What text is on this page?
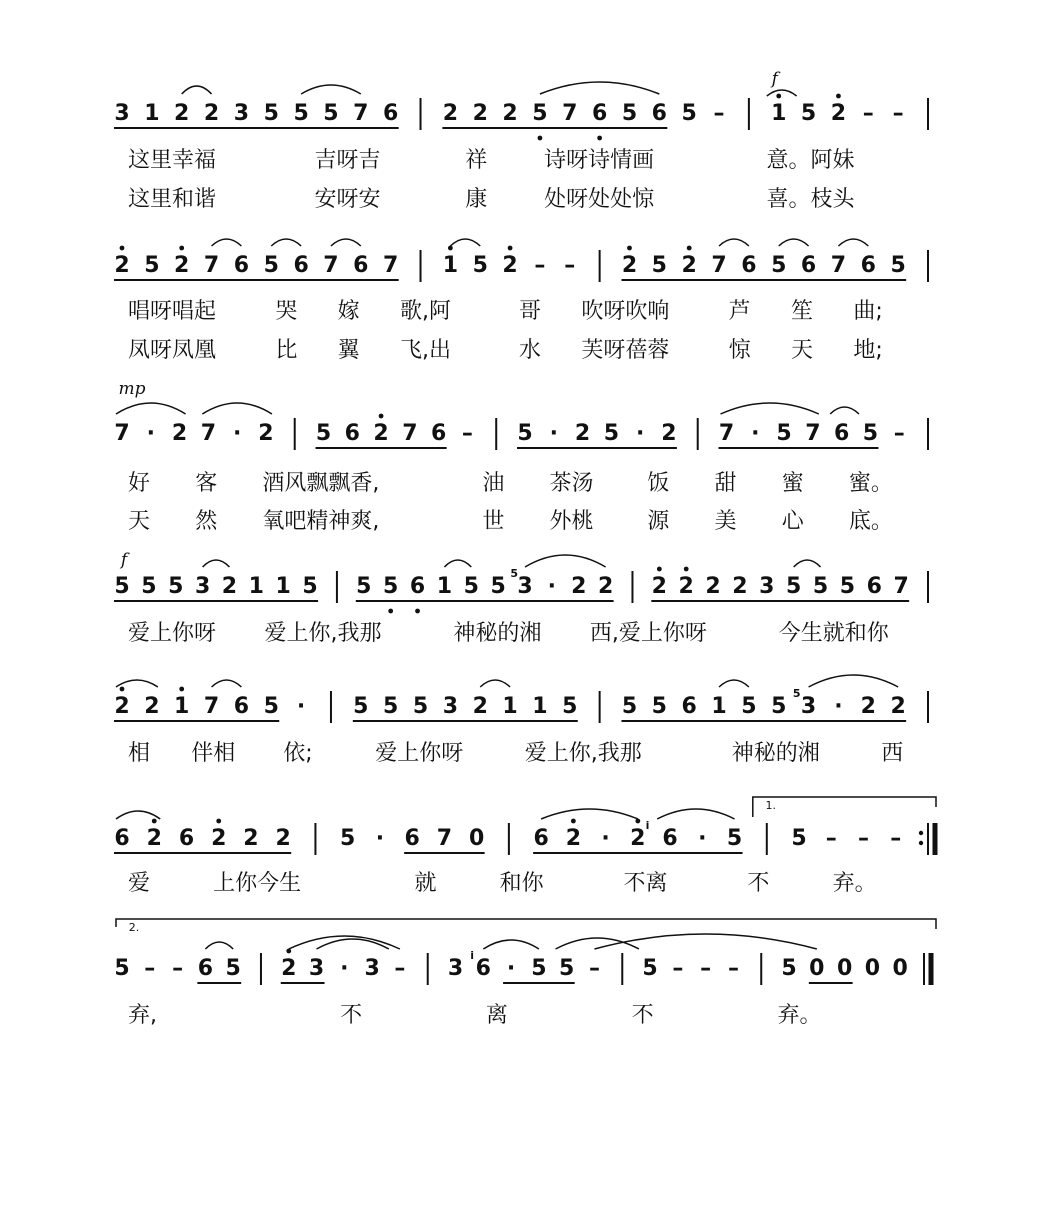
3 1 2 2 3 5 5 5 7 6 2 2 2 5 7 6 5 6 5 – 1 5 2 – –
f
2 5 2 7 6 5 6 7 6 7 1 5 2 – – 2 5 2 7 6 5 6 7 6 5
7 · 2 7 · 2 5 6 2 7 6 – 5 · 2 5 · 2 7 · 5 7 6 5 –
mp
5 5 5 3 2 1 1 5 5 5 6 1 5 5 3 · 2 2 2 2 2 2 3 5 5 5 6 7
f
5
2 2 1 7 6 5 · 5 5 5 3 2 1 1 5 5 5 6 1 5 5 3 · 2 2
5
6 2 6 2 2 2 5 · 6 7 0 6 2 · 2 6 · 5 5 – – –
i
1.
5 – – 6 5 2 3 · 3 – 3 6 · 5 5 – 5 – – – 5 0 0 0 0
i
2.
这里幸福	吉呀吉	祥	诗呀诗情画	意。阿妹
这里和谐	安呀安	康	处呀处处惊	喜。枝头
唱呀唱起	哭 嫁 歌,阿	哥 吹呀吹响	芦 笙 曲;
凤呀凤凰	比 翼 飞,出	水 芙呀蓓蓉	惊 天 地;
好 客 酒风飘飘香,	油 茶汤 饭 甜 蜜 蜜。
天 然 氧吧精神爽,	世 外桃 源 美 心 底。
爱上你呀 爱上你,我那	神秘的湘 西,爱上你呀	今生就和你
相 伴相 依;	爱上你呀	爱上你,我那	神秘的湘	西
爱	上你今生	就	和你	不离	不	弃。
弃,	不	离	不	弃。
